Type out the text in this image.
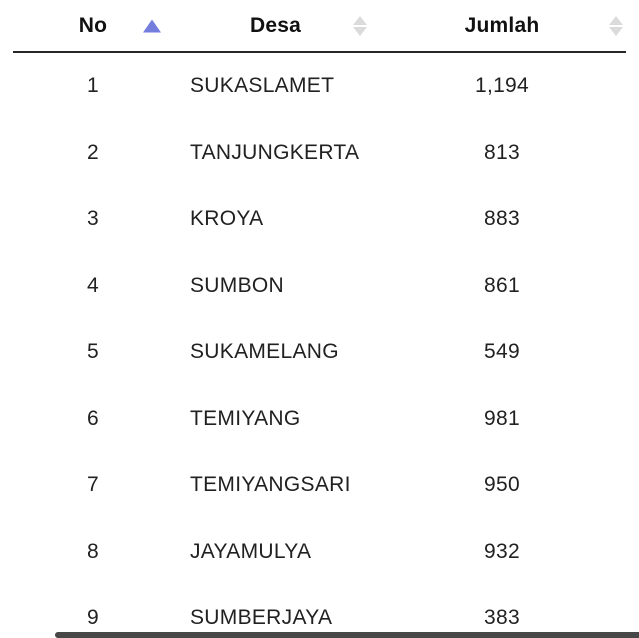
No	Desa	Jumlah

1	SUKASLAMET	1,194
2	TANJUNGKERTA	813
3	KROYA	883
4	SUMBON	861
5	SUKAMELANG	549
6	TEMIYANG	981
7	TEMIYANGSARI	950
8	JAYAMULYA	932
9	SUMBERJAYA	383
